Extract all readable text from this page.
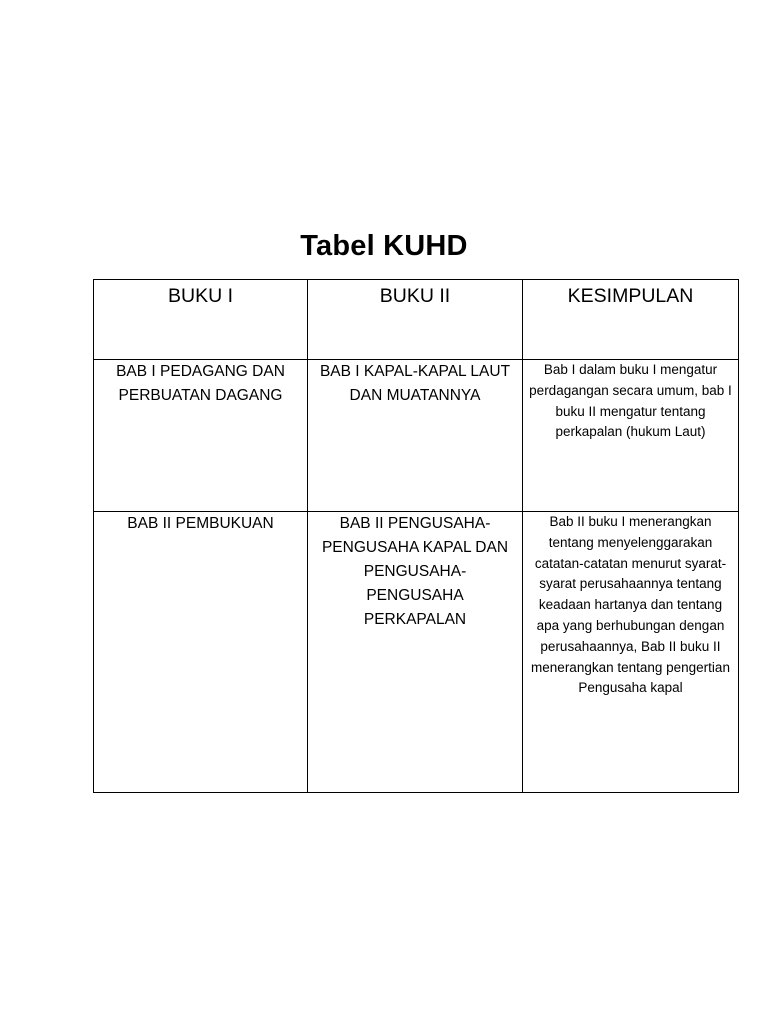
Tabel KUHD
BUKU I	BUKU II	KESIMPULAN
BAB I PEDAGANG DAN PERBUATAN DAGANG	BAB I KAPAL-KAPAL LAUT DAN MUATANNYA	Bab I dalam buku I mengatur perdagangan secara umum, bab I buku II mengatur tentang perkapalan (hukum Laut)
BAB II PEMBUKUAN	BAB II PENGUSAHA-PENGUSAHA KAPAL DAN PENGUSAHA-PENGUSAHA PERKAPALAN	Bab II buku I menerangkan tentang menyelenggarakan catatan-catatan menurut syarat-syarat perusahaannya tentang keadaan hartanya dan tentang apa yang berhubungan dengan perusahaannya, Bab II buku II menerangkan tentang pengertian Pengusaha kapal
